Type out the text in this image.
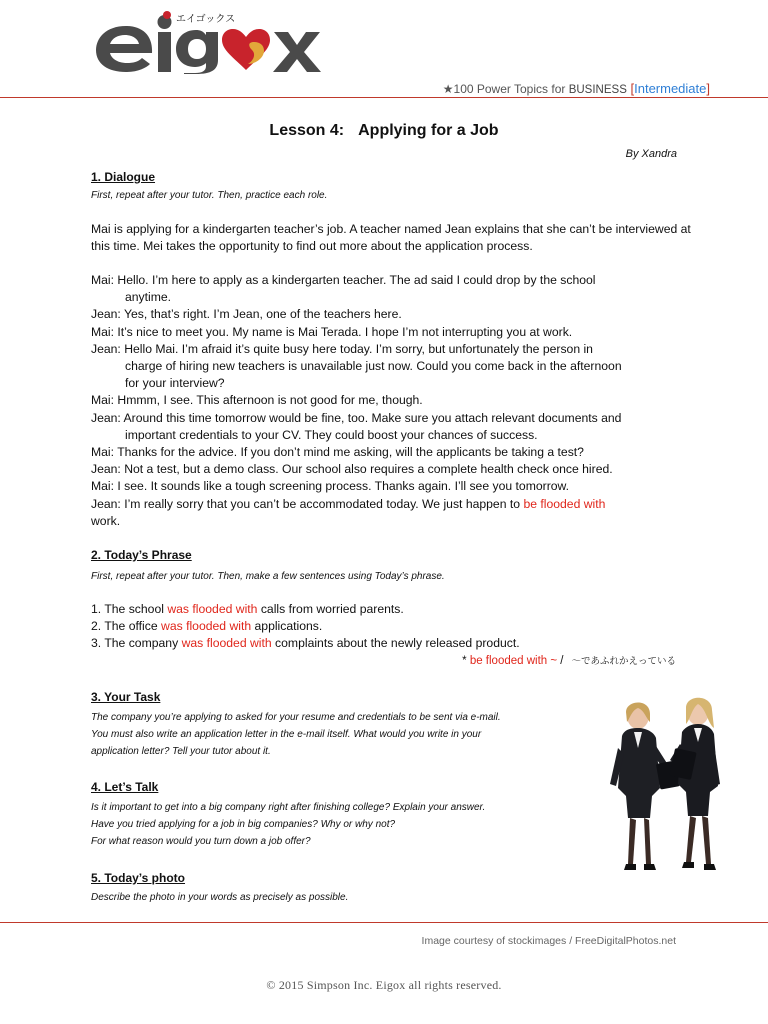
エイゴックス
★100 Power Topics for BUSINESS [Intermediate]
Lesson 4: Applying for a Job
By Xandra
1. Dialogue
First, repeat after your tutor. Then, practice each role.
Mai is applying for a kindergarten teacher’s job. A teacher named Jean explains that she can’t be interviewed at this time. Mei takes the opportunity to find out more about the application process.

Mai: Hello. I’m here to apply as a kindergarten teacher. The ad said I could drop by the school

anytime.

Jean: Yes, that’s right. I’m Jean, one of the teachers here.

Mai: It’s nice to meet you. My name is Mai Terada. I hope I’m not interrupting you at work.

Jean: Hello Mai. I’m afraid it’s quite busy here today. I’m sorry, but unfortunately the person in

charge of hiring new teachers is unavailable just now. Could you come back in the afternoon

for your interview?

Mai: Hmmm, I see. This afternoon is not good for me, though.

Jean: Around this time tomorrow would be fine, too. Make sure you attach relevant documents and

important credentials to your CV. They could boost your chances of success.

Mai: Thanks for the advice. If you don’t mind me asking, will the applicants be taking a test?

Jean: Not a test, but a demo class. Our school also requires a complete health check once hired.

Mai: I see. It sounds like a tough screening process. Thanks again. I’ll see you tomorrow.

Jean: I’m really sorry that you can’t be accommodated today. We just happen to be flooded with

work.

2. Today’s Phrase
First, repeat after your tutor. Then, make a few sentences using Today’s phrase.
1. The school was flooded with calls from worried parents.
2. The office was flooded with applications.
3. The company was flooded with complaints about the newly released product.
* be flooded with ~ / ～であふれかえっている
3. Your Task
The company you’re applying to asked for your resume and credentials to be sent via e-mail.
You must also write an application letter in the e-mail itself. What would you write in your
application letter? Tell your tutor about it.
4. Let’s Talk
Is it important to get into a big company right after finishing college? Explain your answer.
Have you tried applying for a job in big companies? Why or why not?
For what reason would you turn down a job offer?
5. Today’s photo
Describe the photo in your words as precisely as possible.
Image courtesy of stockimages / FreeDigitalPhotos.net
© 2015 Simpson Inc. Eigox all rights reserved.
